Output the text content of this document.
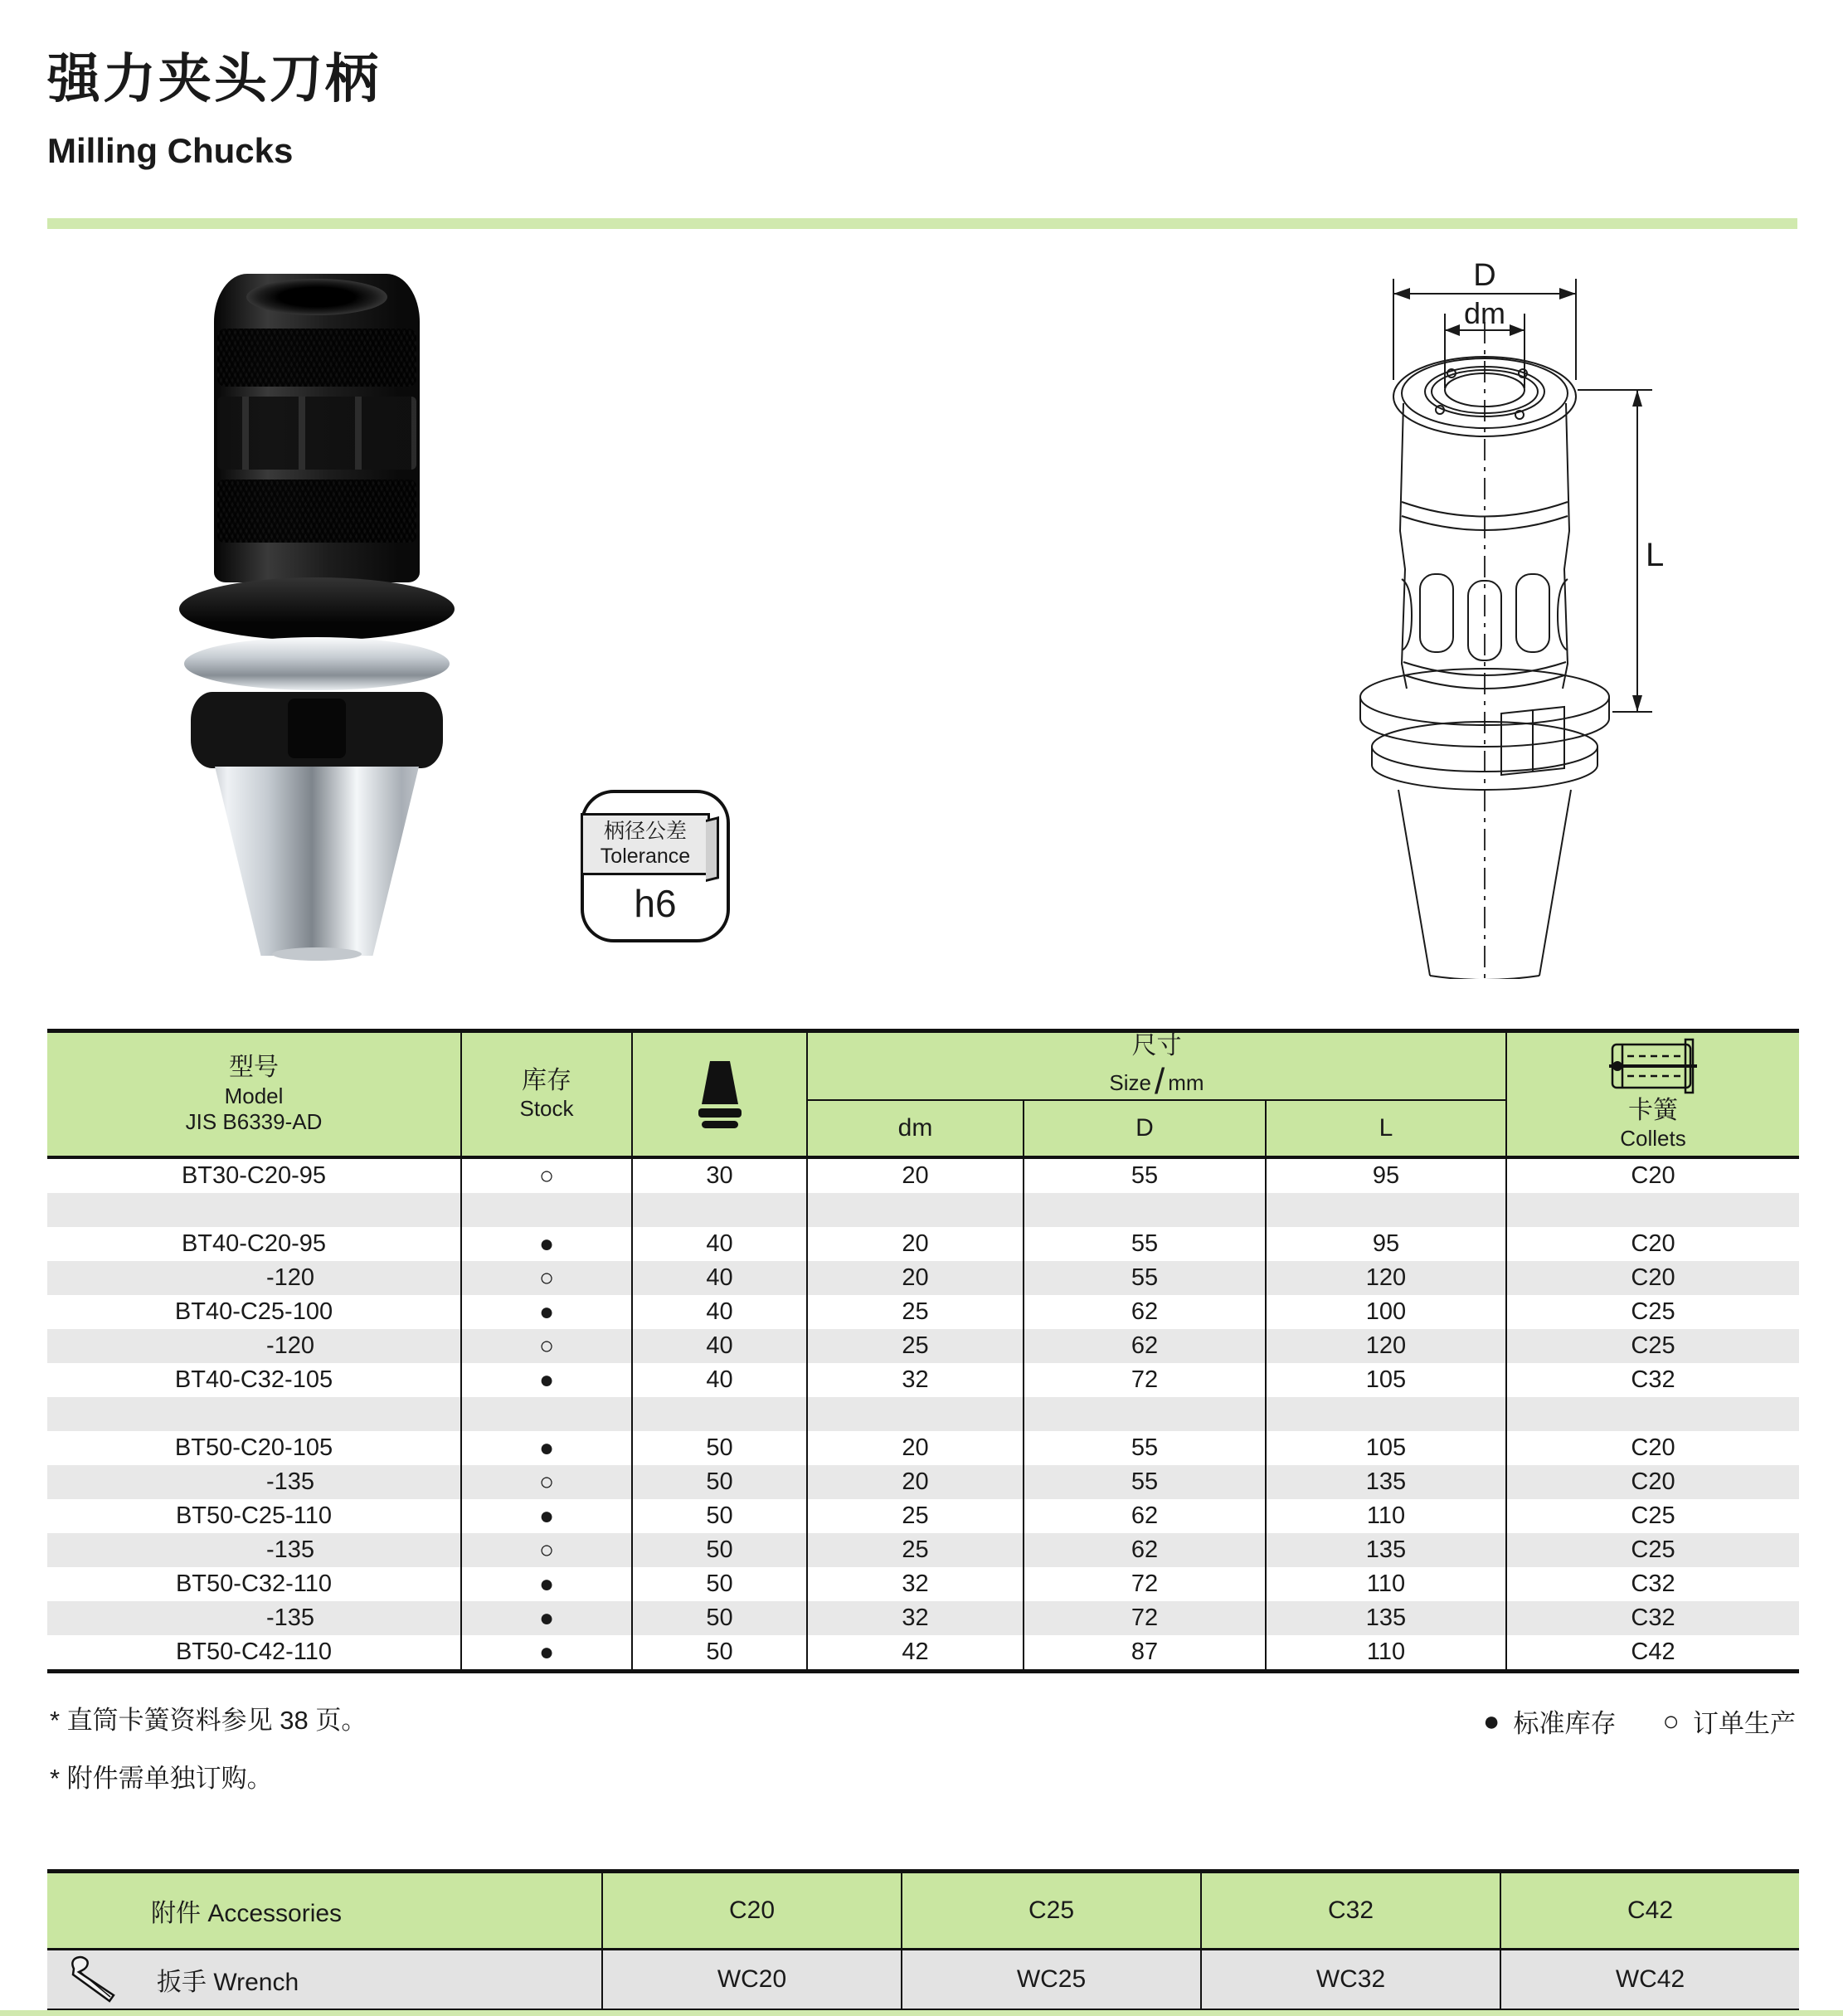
强力夹头刀柄
Milling Chucks
柄径公差
Tolerance
h6
D
dm
L
型号
Model
JIS B6339-AD
库存
Stock
尺寸
Size / mm
卡簧
Collets
dm	D	L
BT30-C20-95	○	30	20	55	95	C20
BT40-C20-95	●	40	20	55	95	C20
-120	○	40	20	55	120	C20
BT40-C25-100	●	40	25	62	100	C25
-120	○	40	25	62	120	C25
BT40-C32-105	●	40	32	72	105	C32
BT50-C20-105	●	50	20	55	105	C20
-135	○	50	20	55	135	C20
BT50-C25-110	●	50	25	62	110	C25
-135	○	50	25	62	135	C25
BT50-C32-110	●	50	32	72	110	C32
-135	●	50	32	72	135	C32
BT50-C42-110	●	50	42	87	110	C42
* 直筒卡簧资料参见 38 页。
* 附件需单独订购。
● 标准库存 ○ 订单生产
附件 Accessories	C20	C25	C32	C42
扳手 Wrench	WC20	WC25	WC32	WC42
